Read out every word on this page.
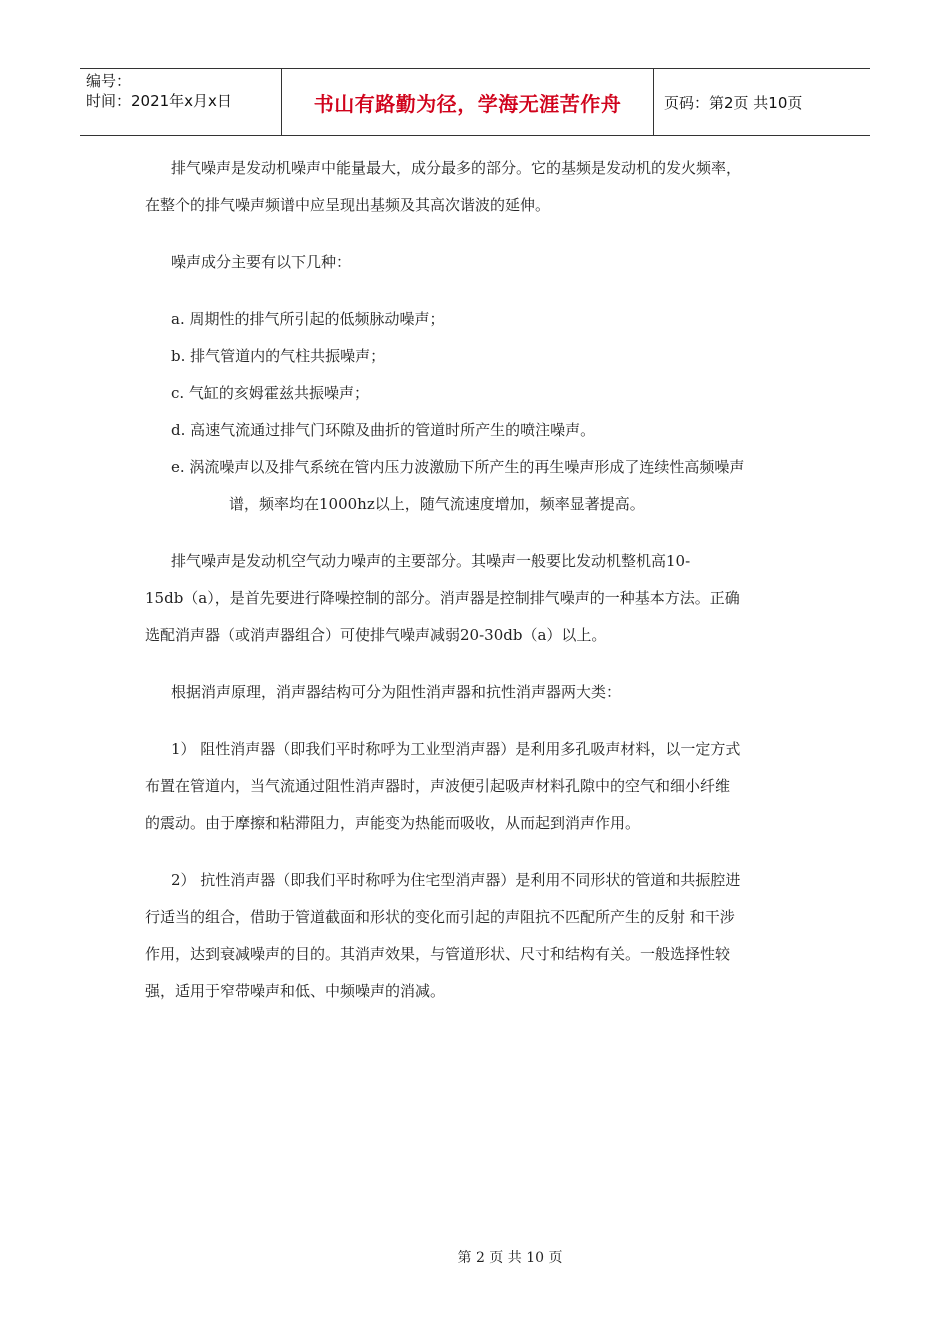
编号：
时间：2021年x月x日	书山有路勤为径，学海无涯苦作舟	页码：第2页 共10页

排气噪声是发动机噪声中能量最大，成分最多的部分。它的基频是发动机的发火频率，

在整个的排气噪声频谱中应呈现出基频及其高次谐波的延伸。

噪声成分主要有以下几种：

a. 周期性的排气所引起的低频脉动噪声；

b. 排气管道内的气柱共振噪声；

c. 气缸的亥姆霍兹共振噪声；

d. 高速气流通过排气门环隙及曲折的管道时所产生的喷注噪声。

e. 涡流噪声以及排气系统在管内压力波激励下所产生的再生噪声形成了连续性高频噪声

谱，频率均在1000hz以上，随气流速度增加，频率显著提高。

排气噪声是发动机空气动力噪声的主要部分。其噪声一般要比发动机整机高10-

15db（a），是首先要进行降噪控制的部分。消声器是控制排气噪声的一种基本方法。正确

选配消声器（或消声器组合）可使排气噪声减弱20-30db（a）以上。

根据消声原理，消声器结构可分为阻性消声器和抗性消声器两大类：

1） 阻性消声器（即我们平时称呼为工业型消声器）是利用多孔吸声材料，以一定方式

布置在管道内，当气流通过阻性消声器时，声波便引起吸声材料孔隙中的空气和细小纤维

的震动。由于摩擦和粘滞阻力，声能变为热能而吸收，从而起到消声作用。

2） 抗性消声器（即我们平时称呼为住宅型消声器）是利用不同形状的管道和共振腔进

行适当的组合，借助于管道截面和形状的变化而引起的声阻抗不匹配所产生的反射 和干涉

作用，达到衰减噪声的目的。其消声效果，与管道形状、尺寸和结构有关。一般选择性较

强，适用于窄带噪声和低、中频噪声的消减。

第 2 页 共 10 页
